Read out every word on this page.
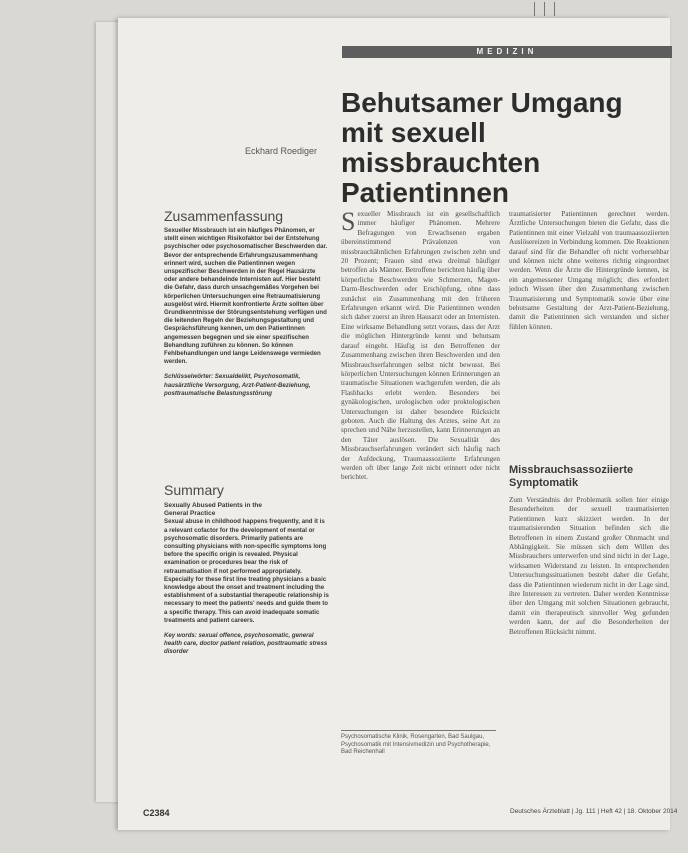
MEDIZIN
Behutsamer Umgang
mit sexuell missbrauchten
Patientinnen
Eckhard Roediger
Zusammenfassung

Sexueller Missbrauch ist ein häufiges Phänomen, er stellt einen wichtigen Risikofaktor bei der Entstehung psychischer oder psychosomatischer Beschwerden dar. Bevor der entsprechende Erfahrungszusammenhang erinnert wird, suchen die Patientinnen wegen unspezifischer Beschwerden in der Regel Hausärzte oder andere behandelnde Internisten auf. Hier besteht die Gefahr, dass durch unsachgemäßes Vorgehen bei körperlichen Untersuchungen eine Retraumatisierung ausgelöst wird. Hiermit konfrontierte Ärzte sollten über Grundkenntnisse der Störungsentstehung verfügen und die leitenden Regeln der Beziehungsgestaltung und Gesprächsführung kennen, um den Patientinnen angemessen begegnen und sie einer spezifischen Behandlung zuführen zu können. So können Fehlbehandlungen und lange Leidenswege vermieden werden.

Schlüsselwörter: Sexualdelikt, Psychosomatik, hausärztliche Versorgung, Arzt-Patient-Beziehung, posttraumatische Belastungsstörung

Summary

Sexually Abused Patients in the

General Practice

Sexual abuse in childhood happens frequently, and it is a relevant cofactor for the development of mental or psychosomatic disorders. Primarily patients are consulting physicians with non-specific symptoms long before the specific origin is revealed. Physical examination or procedures bear the risk of retraumatisation if not performed appropriately. Especially for these first line treating physicians a basic knowledge about the onset and treatment including the establishment of a substantial therapeutic relationship is necessary to meet the patients' needs and guide them to a specific therapy. This can avoid inadequate somatic treatments and patient careers.

Key words: sexual offence, psychosomatic, general health care, doctor patient relation, posttraumatic stress disorder

Sexueller Missbrauch ist ein gesellschaftlich immer häufiger Phänomen. Mehrere Befragungen von Erwachsenen ergaben übereinstimmend Prävalenzen von missbrauchähnlichen Erfahrungen zwischen zehn und 20 Prozent; Frauen sind etwa dreimal häufiger betroffen als Männer. Betroffene berichten häufig über körperliche Beschwerden wie Schmerzen, Magen-Darm-Beschwerden oder Erschöpfung, ohne dass zunächst ein Zusammenhang mit den früheren Erfahrungen erkannt wird. Die Patientinnen wenden sich daher zuerst an ihren Hausarzt oder an Internisten. Eine wirksame Behandlung setzt voraus, dass der Arzt die möglichen Hintergründe kennt und behutsam darauf eingeht. Häufig ist den Betroffenen der Zusammenhang zwischen ihren Beschwerden und den Missbrauchserfahrungen selbst nicht bewusst. Bei körperlichen Untersuchungen können Erinnerungen an traumatische Situationen wachgerufen werden, die als Flashbacks erlebt werden. Besonders bei gynäkologischen, urologischen oder proktologischen Untersuchungen ist daher besondere Rücksicht geboten. Auch die Haltung des Arztes, seine Art zu sprechen und Nähe herzustellen, kann Erinnerungen an den Täter auslösen. Die Sexualität des Missbrauchserfahrungen verändert sich häufig nach der Aufdeckung, Traumaassoziierte Erfahrungen werden oft über lange Zeit nicht erinnert oder nicht berichtet.

traumatisierter Patientinnen gerechnet werden. Ärztliche Untersuchungen bieten die Gefahr, dass die Patientinnen mit einer Vielzahl von traumaassoziierten Auslösereizen in Verbindung kommen. Die Reaktionen darauf sind für die Behandler oft nicht vorhersehbar und können nicht ohne weiteres richtig eingeordnet werden. Wenn die Ärzte die Hintergründe kennen, ist ein angemessener Umgang möglich; dies erfordert jedoch Wissen über den Zusammenhang zwischen Traumatisierung und Symptomatik sowie über eine behutsame Gestaltung der Arzt-Patient-Beziehung, damit die Patientinnen sich verstanden und sicher fühlen können.

Missbrauchsassoziierte Symptomatik

Zum Verständnis der Problematik sollen hier einige Besonderheiten der sexuell traumatisierten Patientinnen kurz skizziert werden. In der traumatisierenden Situation befinden sich die Betroffenen in einem Zustand großer Ohnmacht und Abhängigkeit. Sie müssen sich dem Willen des Missbrauchers unterwerfen und sind nicht in der Lage, wirksamen Widerstand zu leisten. In entsprechenden Untersuchungssituationen besteht daher die Gefahr, dass die Patientinnen wiederum nicht in der Lage sind, ihre Interessen zu vertreten. Daher werden Kenntnisse über den Umgang mit solchen Situationen gebraucht, damit ein therapeutisch sinnvoller Weg gefunden werden kann, der auf die Besonderheiten der Betroffenen Rücksicht nimmt.

Psychosomatische Klinik, Rosengarten, Bad Saulgau, Psychosomatik mit Intensivmedizin und Psychotherapie, Bad Reichenhall
C2384	Deutsches Ärzteblatt | Jg. 111 | Heft 42 | 18. Oktober 2014
